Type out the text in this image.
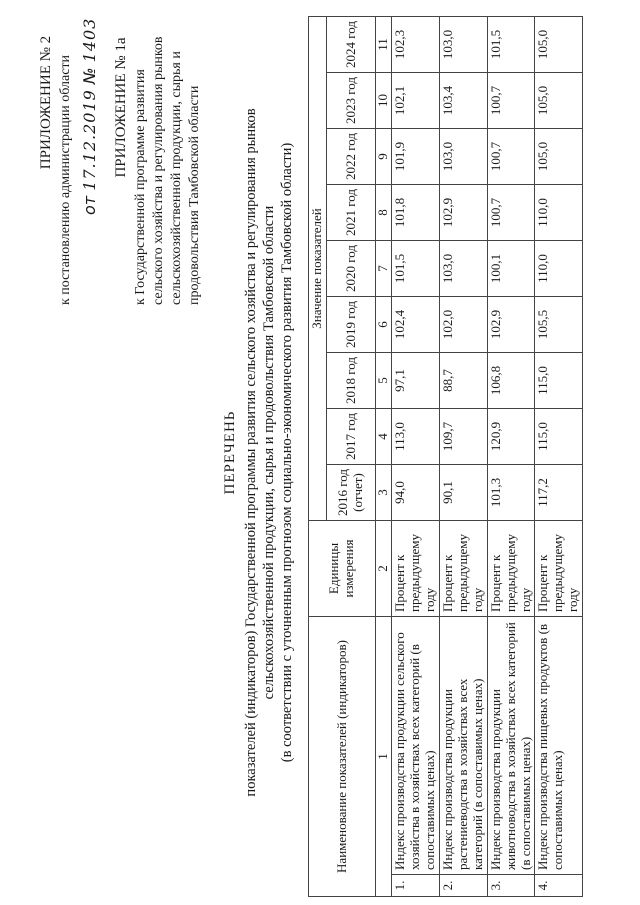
ПРИЛОЖЕНИЕ № 2 к постановлению администрации области от 17.12.2019 № 1403 ПРИЛОЖЕНИЕ № 1а к Государственной программе развития сельского хозяйства и регулирования рынков сельскохозяйственной продукции, сырья и продовольствия Тамбовской области
ПЕРЕЧЕНЬ показателей (индикаторов) Государственной программы развития сельского хозяйства и регулирования рынков сельскохозяйственной продукции, сырья и продовольствия Тамбовской области (в соответствии с уточненным прогнозом социально-экономического развития Тамбовской области)	Наименование показателей (индикаторов)		Единицы измерения	Значение показателей								
			2016 год (отчет)	2017 год	2018 год	2019 год	2020 год	2021 год	2022 год	2023 год	2024 год
1		2	3	4	5	6	7	8	9	10	11
1.	Индекс производства продукции сельского хозяйства в хозяйствах всех категорий (в сопоставимых ценах)	Процент к предыдущему году	94,0	113,0	97,1	102,4	101,5	101,8	101,9	102,1	102,3
2.	Индекс производства продукции растениеводства в хозяйствах всех категорий (в сопоставимых ценах)	Процент к предыдущему году	90,1	109,7	88,7	102,0	103,0	102,9	103,0	103,4	103,0
3.	Индекс производства продукции животноводства в хозяйствах всех категорий (в сопоставимых ценах)	Процент к предыдущему году	101,3	120,9	106,8	102,9	100,1	100,7	100,7	100,7	101,5
4.	Индекс производства пищевых продуктов (в сопоставимых ценах)	Процент к предыдущему году	117,2	115,0	115,0	105,5	110,0	110,0	105,0	105,0	105,0
